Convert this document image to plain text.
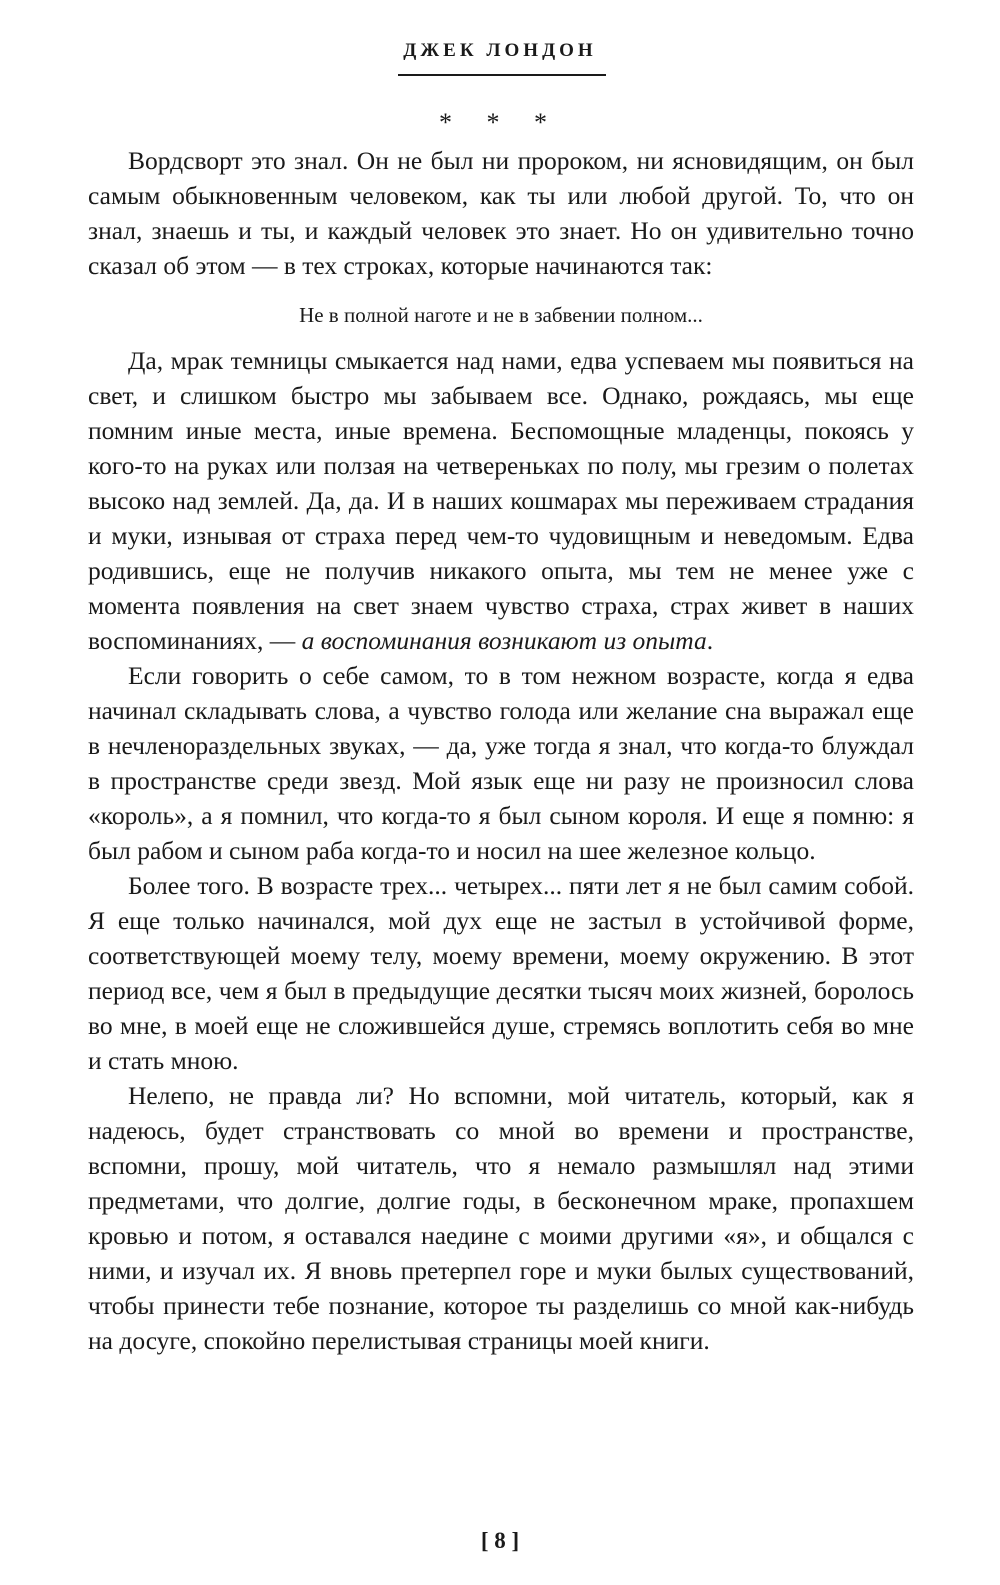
ДЖЕК ЛОНДОН
* * *

Вордсворт это знал. Он не был ни пророком, ни ясновидящим, он был самым обыкновенным человеком, как ты или любой другой. То, что он знал, знаешь и ты, и каждый человек это знает. Но он удивительно точно сказал об этом — в тех строках, которые начинаются так:

Не в полной наготе и не в забвении полном...

Да, мрак темницы смыкается над нами, едва успеваем мы появиться на свет, и слишком быстро мы забываем все. Однако, рождаясь, мы еще помним иные места, иные времена. Беспомощные младенцы, покоясь у кого-то на руках или ползая на четвереньках по полу, мы грезим о полетах высоко над землей. Да, да. И в наших кошмарах мы переживаем страдания и муки, изнывая от страха перед чем-то чудовищным и неведомым. Едва родившись, еще не получив никакого опыта, мы тем не менее уже с момента появления на свет знаем чувство страха, страх живет в наших воспоминаниях, — а воспоминания возникают из опыта.

Если говорить о себе самом, то в том нежном возрасте, когда я едва начинал складывать слова, а чувство голода или желание сна выражал еще в нечленораздельных звуках, — да, уже тогда я знал, что когда-то блуждал в пространстве среди звезд. Мой язык еще ни разу не произносил слова «король», а я помнил, что когда-то я был сыном короля. И еще я помню: я был рабом и сыном раба когда-то и носил на шее железное кольцо.

Более того. В возрасте трех... четырех... пяти лет я не был самим собой. Я еще только начинался, мой дух еще не застыл в устойчивой форме, соответствующей моему телу, моему времени, моему окружению. В этот период все, чем я был в предыдущие десятки тысяч моих жизней, боролось во мне, в моей еще не сложившейся душе, стремясь воплотить себя во мне и стать мною.

Нелепо, не правда ли? Но вспомни, мой читатель, который, как я надеюсь, будет странствовать со мной во времени и пространстве, вспомни, прошу, мой читатель, что я немало размышлял над этими предметами, что долгие, долгие годы, в бесконечном мраке, пропахшем кровью и потом, я оставался наедине с моими другими «я», и общался с ними, и изучал их. Я вновь претерпел горе и муки былых существований, чтобы принести тебе познание, которое ты разделишь со мной как-нибудь на досуге, спокойно перелистывая страницы моей книги.

[ 8 ]
